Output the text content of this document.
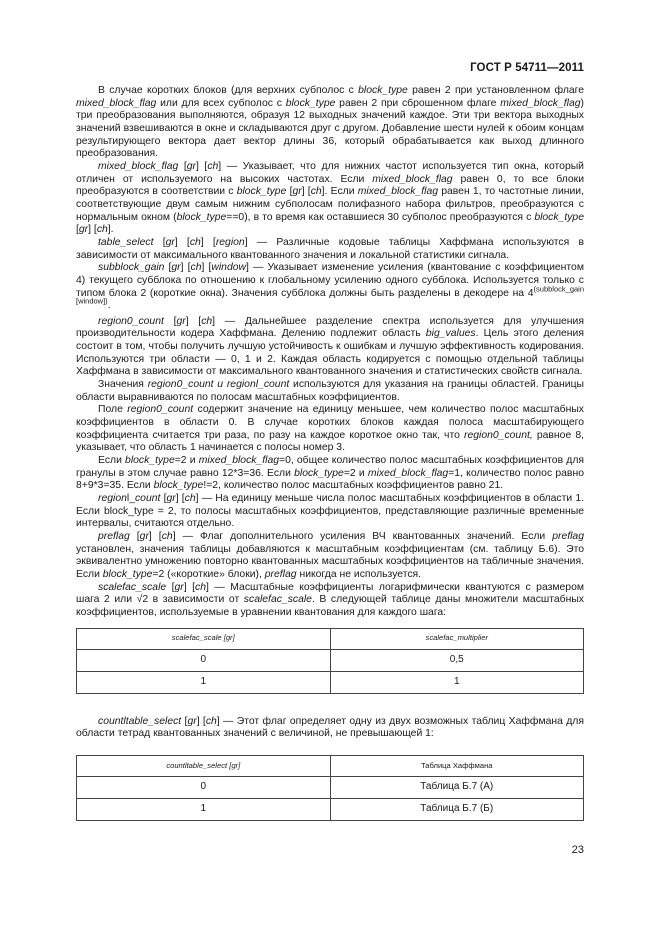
ГОСТ Р 54711—2011

В случае коротких блоков (для верхних субполос с block_type равен 2 при установленном флаге mixed_block_flag или для всех субполос с block_type равен 2 при сброшенном флаге mixed_block_flag) три преобразования выполняются, образуя 12 выходных значений каждое. Эти три вектора выходных значений взвешиваются в окне и складываются друг с другом. Добавление шести нулей к обоим концам результирующего вектора дает вектор длины 36, который обрабатывается как выход длинного преобразования.

mixed_block_flag [gr] [ch] — Указывает, что для нижних частот используется тип окна, который отличен от используемого на высоких частотах. Если mixed_block_flag равен 0, то все блоки преобразуются в соответствии с block_type [gr] [ch]. Если mixed_block_flag равен 1, то частотные линии, соответствующие двум самым нижним субполосам полифазного набора фильтров, преобразуются с нормальным окном (block_type==0), в то время как оставшиеся 30 субполос преобразуются с block_type [gr] [ch].

table_select [gr] [ch] [region] — Различные кодовые таблицы Хаффмана используются в зависимости от максимального квантованного значения и локальной статистики сигнала.

subblock_gain [gr] [ch] [window] — Указывает изменение усиления (квантование с коэффициентом 4) текущего субблока по отношению к глобальному усилению одного субблока. Используется только с типом блока 2 (короткие окна). Значения субблока должны быть разделены в декодере на $4^{(subblock\_gain [window])}$.

region0_count [gr] [ch] — Дальнейшее разделение спектра используется для улучшения производительности кодера Хаффмана. Делению подлежит область big_values. Цель этого деления состоит в том, чтобы получить лучшую устойчивость к ошибкам и лучшую эффективность кодирования. Используются три области — 0, 1 и 2. Каждая область кодируется с помощью отдельной таблицы Хаффмана в зависимости от максимального квантованного значения и статистических свойств сигнала.

Значения region0_count и regionl_count используются для указания на границы областей. Границы области выравниваются по полосам масштабных коэффициентов.

Поле region0_count содержит значение на единицу меньшее, чем количество полос масштабных коэффициентов в области 0. В случае коротких блоков каждая полоса масштабирующего коэффициента считается три раза, по разу на каждое короткое окно так, что region0_count, равное 8, указывает, что область 1 начинается с полосы номер 3.

Если block_type=2 и mixed_block_flag=0, общее количество полос масштабных коэффициентов для гранулы в этом случае равно 12*3=36. Если block_type=2 и mixed_block_flag=1, количество полос равно 8+9*3=35. Если block_type!=2, количество полос масштабных коэффициентов равно 21.

regionl_count [gr] [ch] — На единицу меньше числа полос масштабных коэффициентов в области 1. Если block_type = 2, то полосы масштабных коэффициентов, представляющие различные временные интервалы, считаются отдельно.

preflag [gr] [ch] — Флаг дополнительного усиления ВЧ квантованных значений. Если preflag установлен, значения таблицы добавляются к масштабным коэффициентам (см. таблицу Б.6). Это эквивалентно умножению повторно квантованных масштабных коэффициентов на табличные значения. Если block_type=2 («короткие» блоки), preflag никогда не используется.

scalefac_scale [gr] [ch] — Масштабные коэффициенты логарифмически квантуются с размером шага 2 или √2 в зависимости от scalefac_scale. В следующей таблице даны множители масштабных коэффициентов, используемые в уравнении квантования для каждого шага:

scalefac_scale [gr]	scalefac_multiplier
0	0,5
1	1

countltable_select [gr] [ch] — Этот флаг определяет одну из двух возможных таблиц Хаффмана для области тетрад квантованных значений с величиной, не превышающей 1:

countltable_select [gr]	Таблица Хаффмана
0	Таблица Б.7 (А)
1	Таблица Б.7 (Б)
23
